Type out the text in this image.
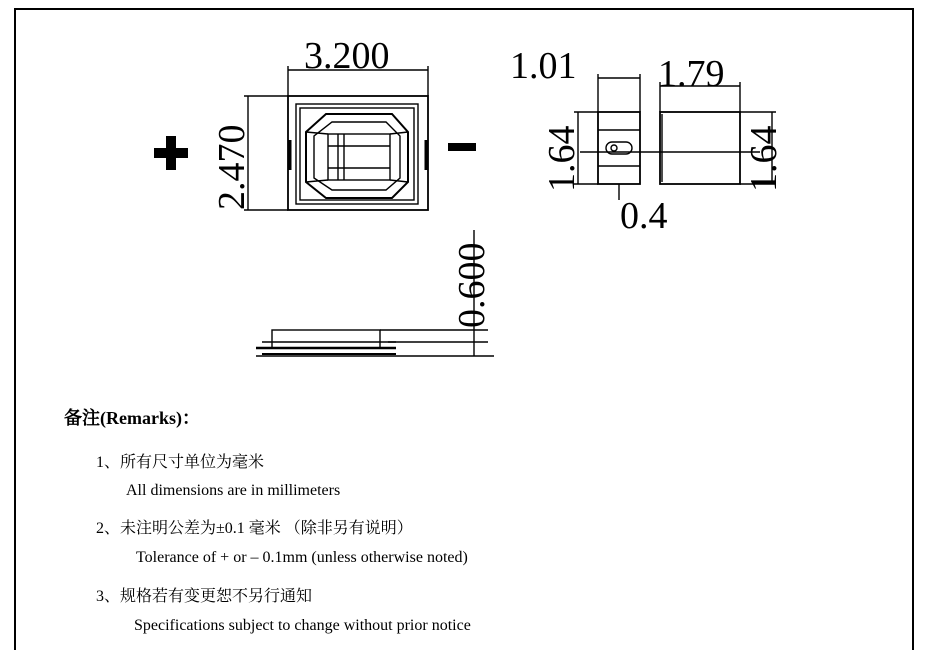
3.200
2.470
1.01 1.79
1.64	1.64
0.4
0.600
备注(Remarks)：
1、所有尺寸单位为毫米
All dimensions are in millimeters
2、未注明公差为±0.1 毫米 （除非另有说明）
Tolerance of + or – 0.1mm (unless otherwise noted)
3、规格若有变更恕不另行通知
Specifications subject to change without prior notice
